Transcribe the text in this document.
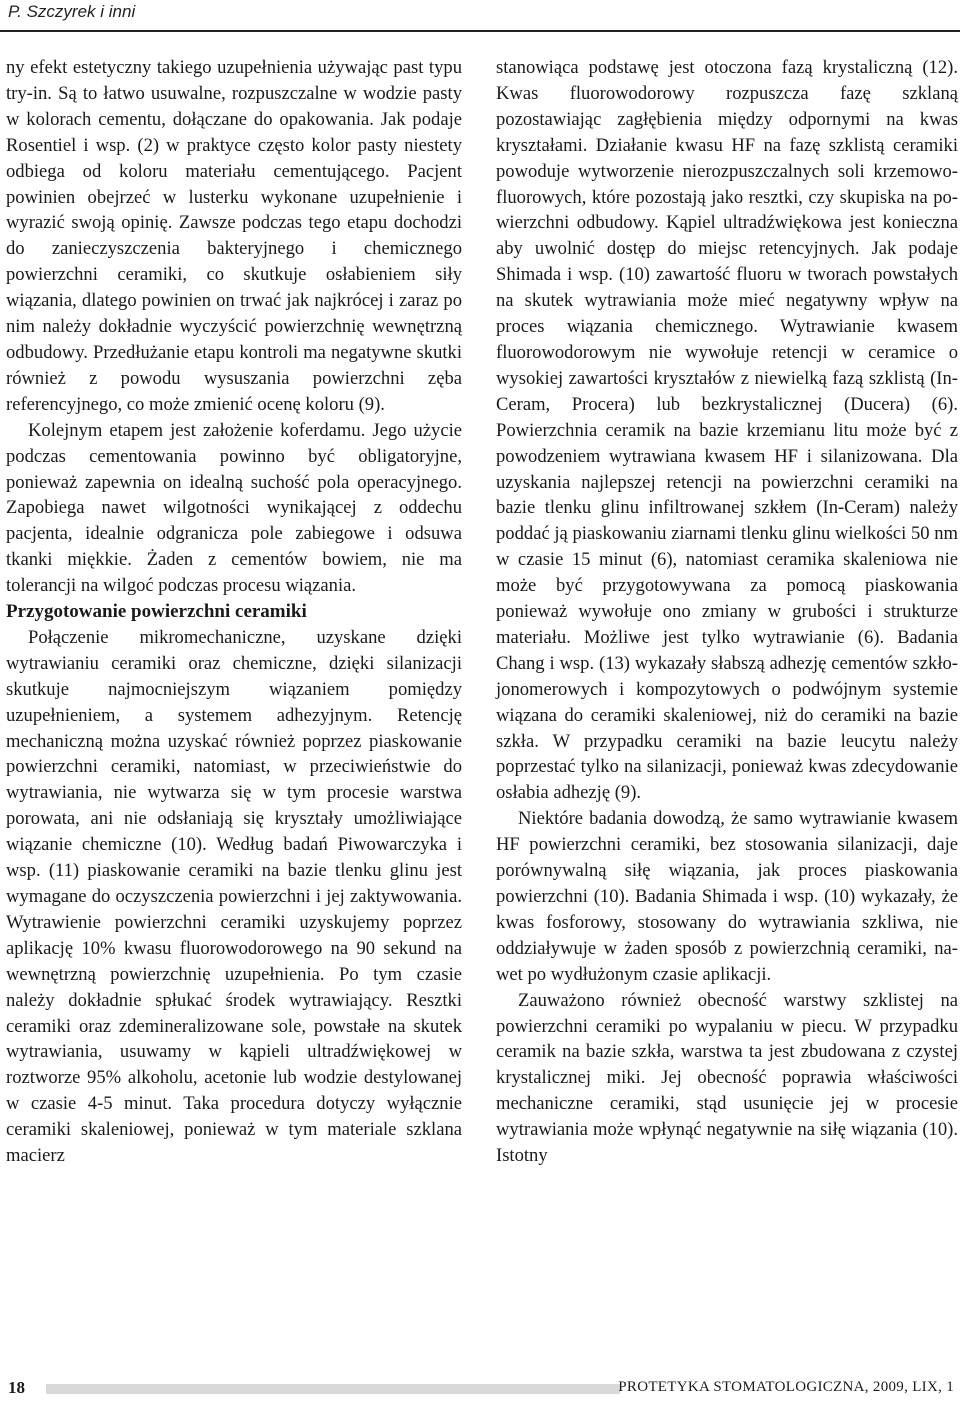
P. Szczyrek i inni

ny efekt estetyczny takiego uzupełnienia używając past typu try-in. Są to łatwo usuwalne, rozpuszczalne w wodzie pasty w kolorach cementu, dołączane do opakowania. Jak podaje Rosentiel i wsp. (2) w praktyce często kolor pasty niestety odbiega od koloru materiału cementującego. Pacjent powinien obejrzeć w lusterku wykonane uzupełnienie i wyrazić swoją opinię. Zawsze podczas tego etapu dochodzi do zanieczyszczenia bakteryjnego i chemicznego powierzchni ceramiki, co skutkuje osłabieniem siły wiązania, dlatego powinien on trwać jak najkrócej i zaraz po nim należy dokładnie wyczyścić powierzchnię wewnętrzną odbudowy. Przedłużanie etapu kontroli ma negatywne skutki również z powodu wysuszania powierzchni zęba referencyjnego, co może zmienić ocenę koloru (9).

Kolejnym etapem jest założenie koferdamu. Jego użycie podczas cementowania powinno być obligatoryjne, ponieważ zapewnia on idealną suchość pola operacyjnego. Zapobiega nawet wilgotności wynikającej z oddechu pacjenta, idealnie odgranicza pole zabiegowe i odsuwa tkanki miękkie. Żaden z cementów bowiem, nie ma tolerancji na wilgoć podczas procesu wiązania.

Przygotowanie powierzchni ceramiki

Połączenie mikromechaniczne, uzyskane dzięki wytrawianiu ceramiki oraz chemiczne, dzięki silanizacji skutkuje najmocniejszym wiązaniem pomiędzy uzupełnieniem, a systemem adhezyjnym. Retencję mechaniczną można uzyskać również poprzez piaskowanie powierzchni ceramiki, natomiast, w przeciwieństwie do wytrawiania, nie wytwarza się w tym procesie warstwa porowata, ani nie odsłaniają się kryształy umożliwiające wiązanie chemiczne (10). Według badań Piwowarczyka i wsp. (11) piaskowanie ceramiki na bazie tlenku glinu jest wymagane do oczyszczenia powierzchni i jej zaktywowania. Wytrawienie powierzchni ceramiki uzyskujemy poprzez aplikację 10% kwasu fluorowodorowego na 90 sekund na wewnętrzną powierzchnię uzupełnienia. Po tym czasie należy dokładnie spłukać środek wytrawiający. Resztki ceramiki oraz zdemineralizowane sole, powstałe na skutek wytrawiania, usuwamy w kąpieli ultradźwiękowej w roztworze 95% alkoholu, acetonie lub wodzie destylowanej w czasie 4-5 minut. Taka procedura dotyczy wyłącznie ceramiki skaleniowej, ponieważ w tym materiale szklana macierz

stanowiąca podstawę jest otoczona fazą krystaliczną (12). Kwas fluorowodorowy rozpuszcza fazę szklaną pozostawiając zagłębienia między odpornymi na kwas kryształami. Działanie kwasu HF na fazę szklistą ceramiki powoduje wytworzenie nierozpuszczalnych soli krzemowo-fluorowych, które pozostają jako resztki, czy skupiska na powierzchni odbudowy. Kąpiel ultradźwiękowa jest konieczna aby uwolnić dostęp do miejsc retencyjnych. Jak podaje Shimada i wsp. (10) zawartość fluoru w tworach powstałych na skutek wytrawiania może mieć negatywny wpływ na proces wiązania chemicznego. Wytrawianie kwasem fluorowodorowym nie wywołuje retencji w ceramice o wysokiej zawartości kryształów z niewielką fazą szklistą (In-Ceram, Procera) lub bezkrystalicznej (Ducera) (6). Powierzchnia ceramik na bazie krzemianu litu może być z powodzeniem wytrawiana kwasem HF i silanizowana. Dla uzyskania najlepszej retencji na powierzchni ceramiki na bazie tlenku glinu infiltrowanej szkłem (In-Ceram) należy poddać ją piaskowaniu ziarnami tlenku glinu wielkości 50 nm w czasie 15 minut (6), natomiast ceramika skaleniowa nie może być przygotowywana za pomocą piaskowania ponieważ wywołuje ono zmiany w grubości i strukturze materiału. Możliwe jest tylko wytrawianie (6). Badania Chang i wsp. (13) wykazały słabszą adhezję cementów szkło-jonomerowych i kompozytowych o podwójnym systemie wiązana do ceramiki skaleniowej, niż do ceramiki na bazie szkła. W przypadku ceramiki na bazie leucytu należy poprzestać tylko na silanizacji, ponieważ kwas zdecydowanie osłabia adhezję (9).

Niektóre badania dowodzą, że samo wytrawianie kwasem HF powierzchni ceramiki, bez stosowania silanizacji, daje porównywalną siłę wiązania, jak proces piaskowania powierzchni (10). Badania Shimada i wsp. (10) wykazały, że kwas fosforowy, stosowany do wytrawiania szkliwa, nie oddziaływuje w żaden sposób z powierzchnią ceramiki, nawet po wydłużonym czasie aplikacji.

Zauważono również obecność warstwy szklistej na powierzchni ceramiki po wypalaniu w piecu. W przypadku ceramik na bazie szkła, warstwa ta jest zbudowana z czystej krystalicznej miki. Jej obecność poprawia właściwości mechaniczne ceramiki, stąd usunięcie jej w procesie wytrawiania może wpłynąć negatywnie na siłę wiązania (10). Istotny

18	PROTETYKA STOMATOLOGICZNA, 2009, LIX, 1
